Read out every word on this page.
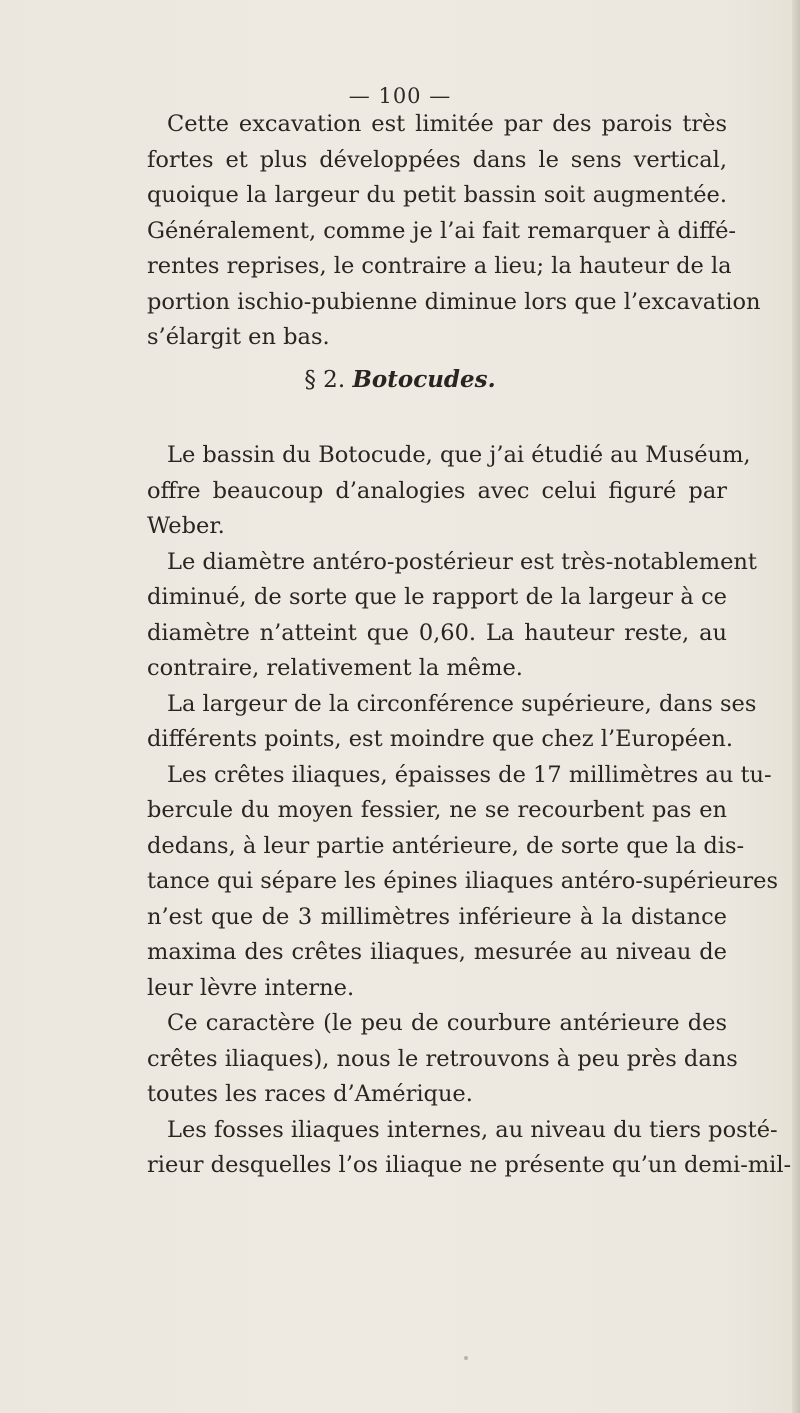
— 100 —
Cette excavation est limitée par des parois très
fortes et plus développées dans le sens vertical,
quoique la largeur du petit bassin soit augmentée.
Généralement, comme je l’ai fait remarquer à diffé-
rentes reprises, le contraire a lieu; la hauteur de la
portion ischio-pubienne diminue lors que l’excavation
s’élargit en bas.
§ 2. Botocudes.
Le bassin du Botocude, que j’ai étudié au Muséum,
offre beaucoup d’analogies avec celui figuré par
Weber.
Le diamètre antéro-postérieur est très-notablement
diminué, de sorte que le rapport de la largeur à ce
diamètre n’atteint que 0,60. La hauteur reste, au
contraire, relativement la même.
La largeur de la circonférence supérieure, dans ses
différents points, est moindre que chez l’Européen.
Les crêtes iliaques, épaisses de 17 millimètres au tu-
bercule du moyen fessier, ne se recourbent pas en
dedans, à leur partie antérieure, de sorte que la dis-
tance qui sépare les épines iliaques antéro-supérieures
n’est que de 3 millimètres inférieure à la distance
maxima des crêtes iliaques, mesurée au niveau de
leur lèvre interne.
Ce caractère (le peu de courbure antérieure des
crêtes iliaques), nous le retrouvons à peu près dans
toutes les races d’Amérique.
Les fosses iliaques internes, au niveau du tiers posté-
rieur desquelles l’os iliaque ne présente qu’un demi-mil-
